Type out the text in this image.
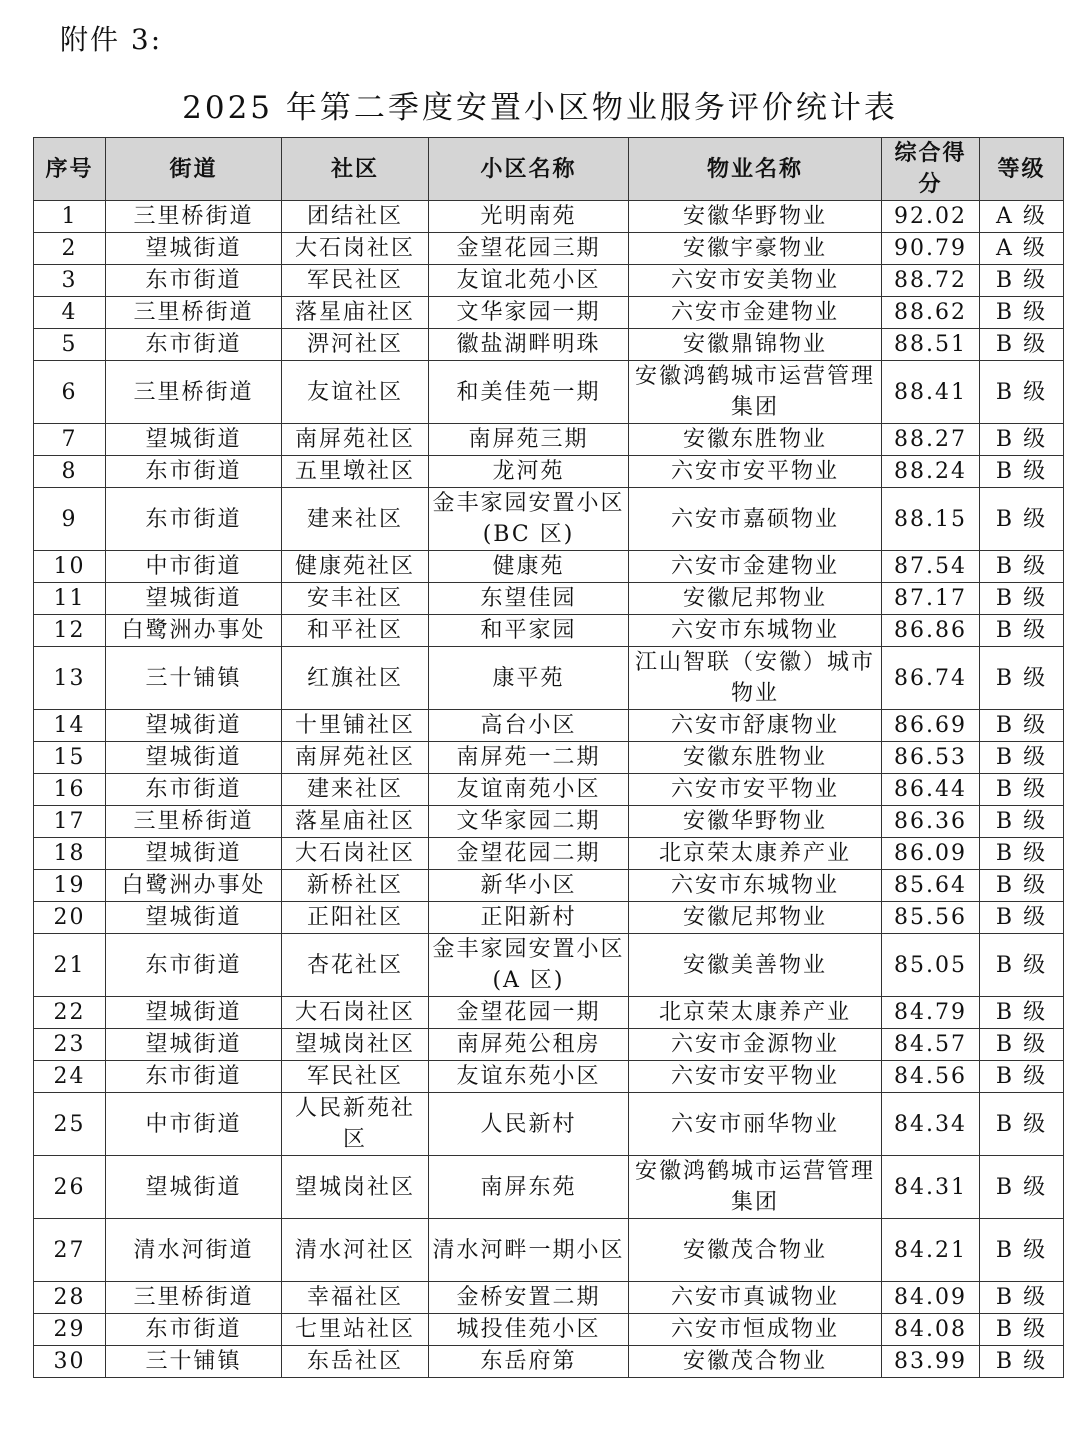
附件 3:
2025 年第二季度安置小区物业服务评价统计表
序号	街道	社区	小区名称	物业名称	综合得分	等级
1	三里桥街道	团结社区	光明南苑	安徽华野物业	92.02	A 级
2	望城街道	大石岗社区	金望花园三期	安徽宇豪物业	90.79	A 级
3	东市街道	军民社区	友谊北苑小区	六安市安美物业	88.72	B 级
4	三里桥街道	落星庙社区	文华家园一期	六安市金建物业	88.62	B 级
5	东市街道	淠河社区	徽盐湖畔明珠	安徽鼎锦物业	88.51	B 级
6	三里桥街道	友谊社区	和美佳苑一期	安徽鸿鹤城市运营管理集团	88.41	B 级
7	望城街道	南屏苑社区	南屏苑三期	安徽东胜物业	88.27	B 级
8	东市街道	五里墩社区	龙河苑	六安市安平物业	88.24	B 级
9	东市街道	建来社区	金丰家园安置小区(BC 区)	六安市嘉硕物业	88.15	B 级
10	中市街道	健康苑社区	健康苑	六安市金建物业	87.54	B 级
11	望城街道	安丰社区	东望佳园	安徽尼邦物业	87.17	B 级
12	白鹭洲办事处	和平社区	和平家园	六安市东城物业	86.86	B 级
13	三十铺镇	红旗社区	康平苑	江山智联（安徽）城市物业	86.74	B 级
14	望城街道	十里铺社区	高台小区	六安市舒康物业	86.69	B 级
15	望城街道	南屏苑社区	南屏苑一二期	安徽东胜物业	86.53	B 级
16	东市街道	建来社区	友谊南苑小区	六安市安平物业	86.44	B 级
17	三里桥街道	落星庙社区	文华家园二期	安徽华野物业	86.36	B 级
18	望城街道	大石岗社区	金望花园二期	北京荣太康养产业	86.09	B 级
19	白鹭洲办事处	新桥社区	新华小区	六安市东城物业	85.64	B 级
20	望城街道	正阳社区	正阳新村	安徽尼邦物业	85.56	B 级
21	东市街道	杏花社区	金丰家园安置小区(A 区)	安徽美善物业	85.05	B 级
22	望城街道	大石岗社区	金望花园一期	北京荣太康养产业	84.79	B 级
23	望城街道	望城岗社区	南屏苑公租房	六安市金源物业	84.57	B 级
24	东市街道	军民社区	友谊东苑小区	六安市安平物业	84.56	B 级
25	中市街道	人民新苑社区	人民新村	六安市丽华物业	84.34	B 级
26	望城街道	望城岗社区	南屏东苑	安徽鸿鹤城市运营管理集团	84.31	B 级
27	清水河街道	清水河社区	清水河畔一期小区	安徽茂合物业	84.21	B 级
28	三里桥街道	幸福社区	金桥安置二期	六安市真诚物业	84.09	B 级
29	东市街道	七里站社区	城投佳苑小区	六安市恒成物业	84.08	B 级
30	三十铺镇	东岳社区	东岳府第	安徽茂合物业	83.99	B 级
